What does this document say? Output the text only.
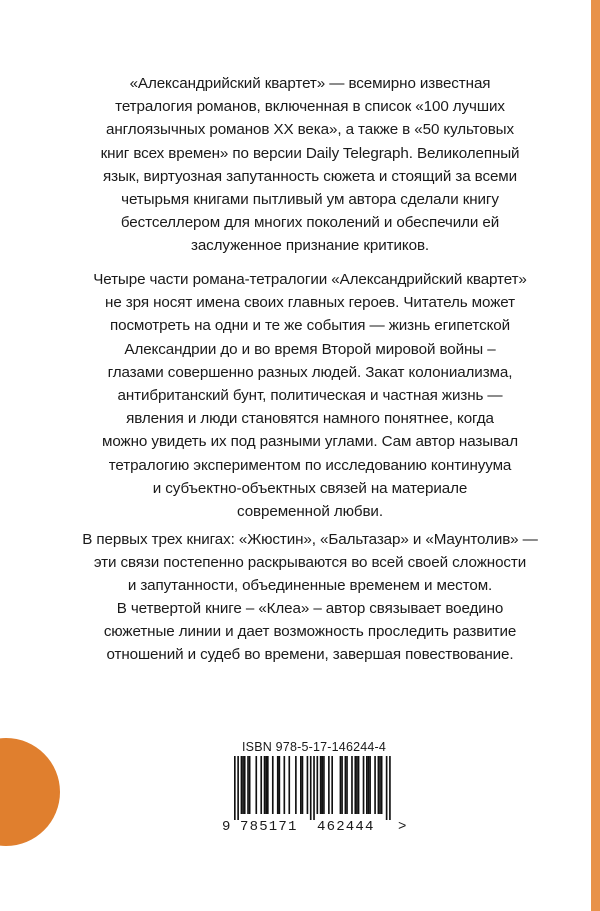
«Александрийский квартет» — всемирно известная
тетралогия романов, включенная в список «100 лучших
англоязычных романов XX века», а также в «50 культовых
книг всех времен» по версии Daily Telegraph. Великолепный
язык, виртуозная запутанность сюжета и стоящий за всеми
четырьмя книгами пытливый ум автора сделали книгу
бестселлером для многих поколений и обеспечили ей
заслуженное признание критиков.
Четыре части романа-тетралогии «Александрийский квартет»
не зря носят имена своих главных героев. Читатель может
посмотреть на одни и те же события — жизнь египетской
Александрии до и во время Второй мировой войны –
глазами совершенно разных людей. Закат колониализма,
антибританский бунт, политическая и частная жизнь —
явления и люди становятся намного понятнее, когда
можно увидеть их под разными углами. Сам автор называл
тетралогию экспериментом по исследованию континуума
и субъектно-объектных связей на материале
современной любви.
В первых трех книгах: «Жюстин», «Бальтазар» и «Маунтолив» —
эти связи постепенно раскрываются во всей своей сложности
и запутанности, объединенные временем и местом.
В четвертой книге – «Клеа» – автор связывает воедино
сюжетные линии и дает возможность проследить развитие
отношений и судеб во времени, завершая повествование.
ISBN 978-5-17-146244-4
9 785171 462444 >
